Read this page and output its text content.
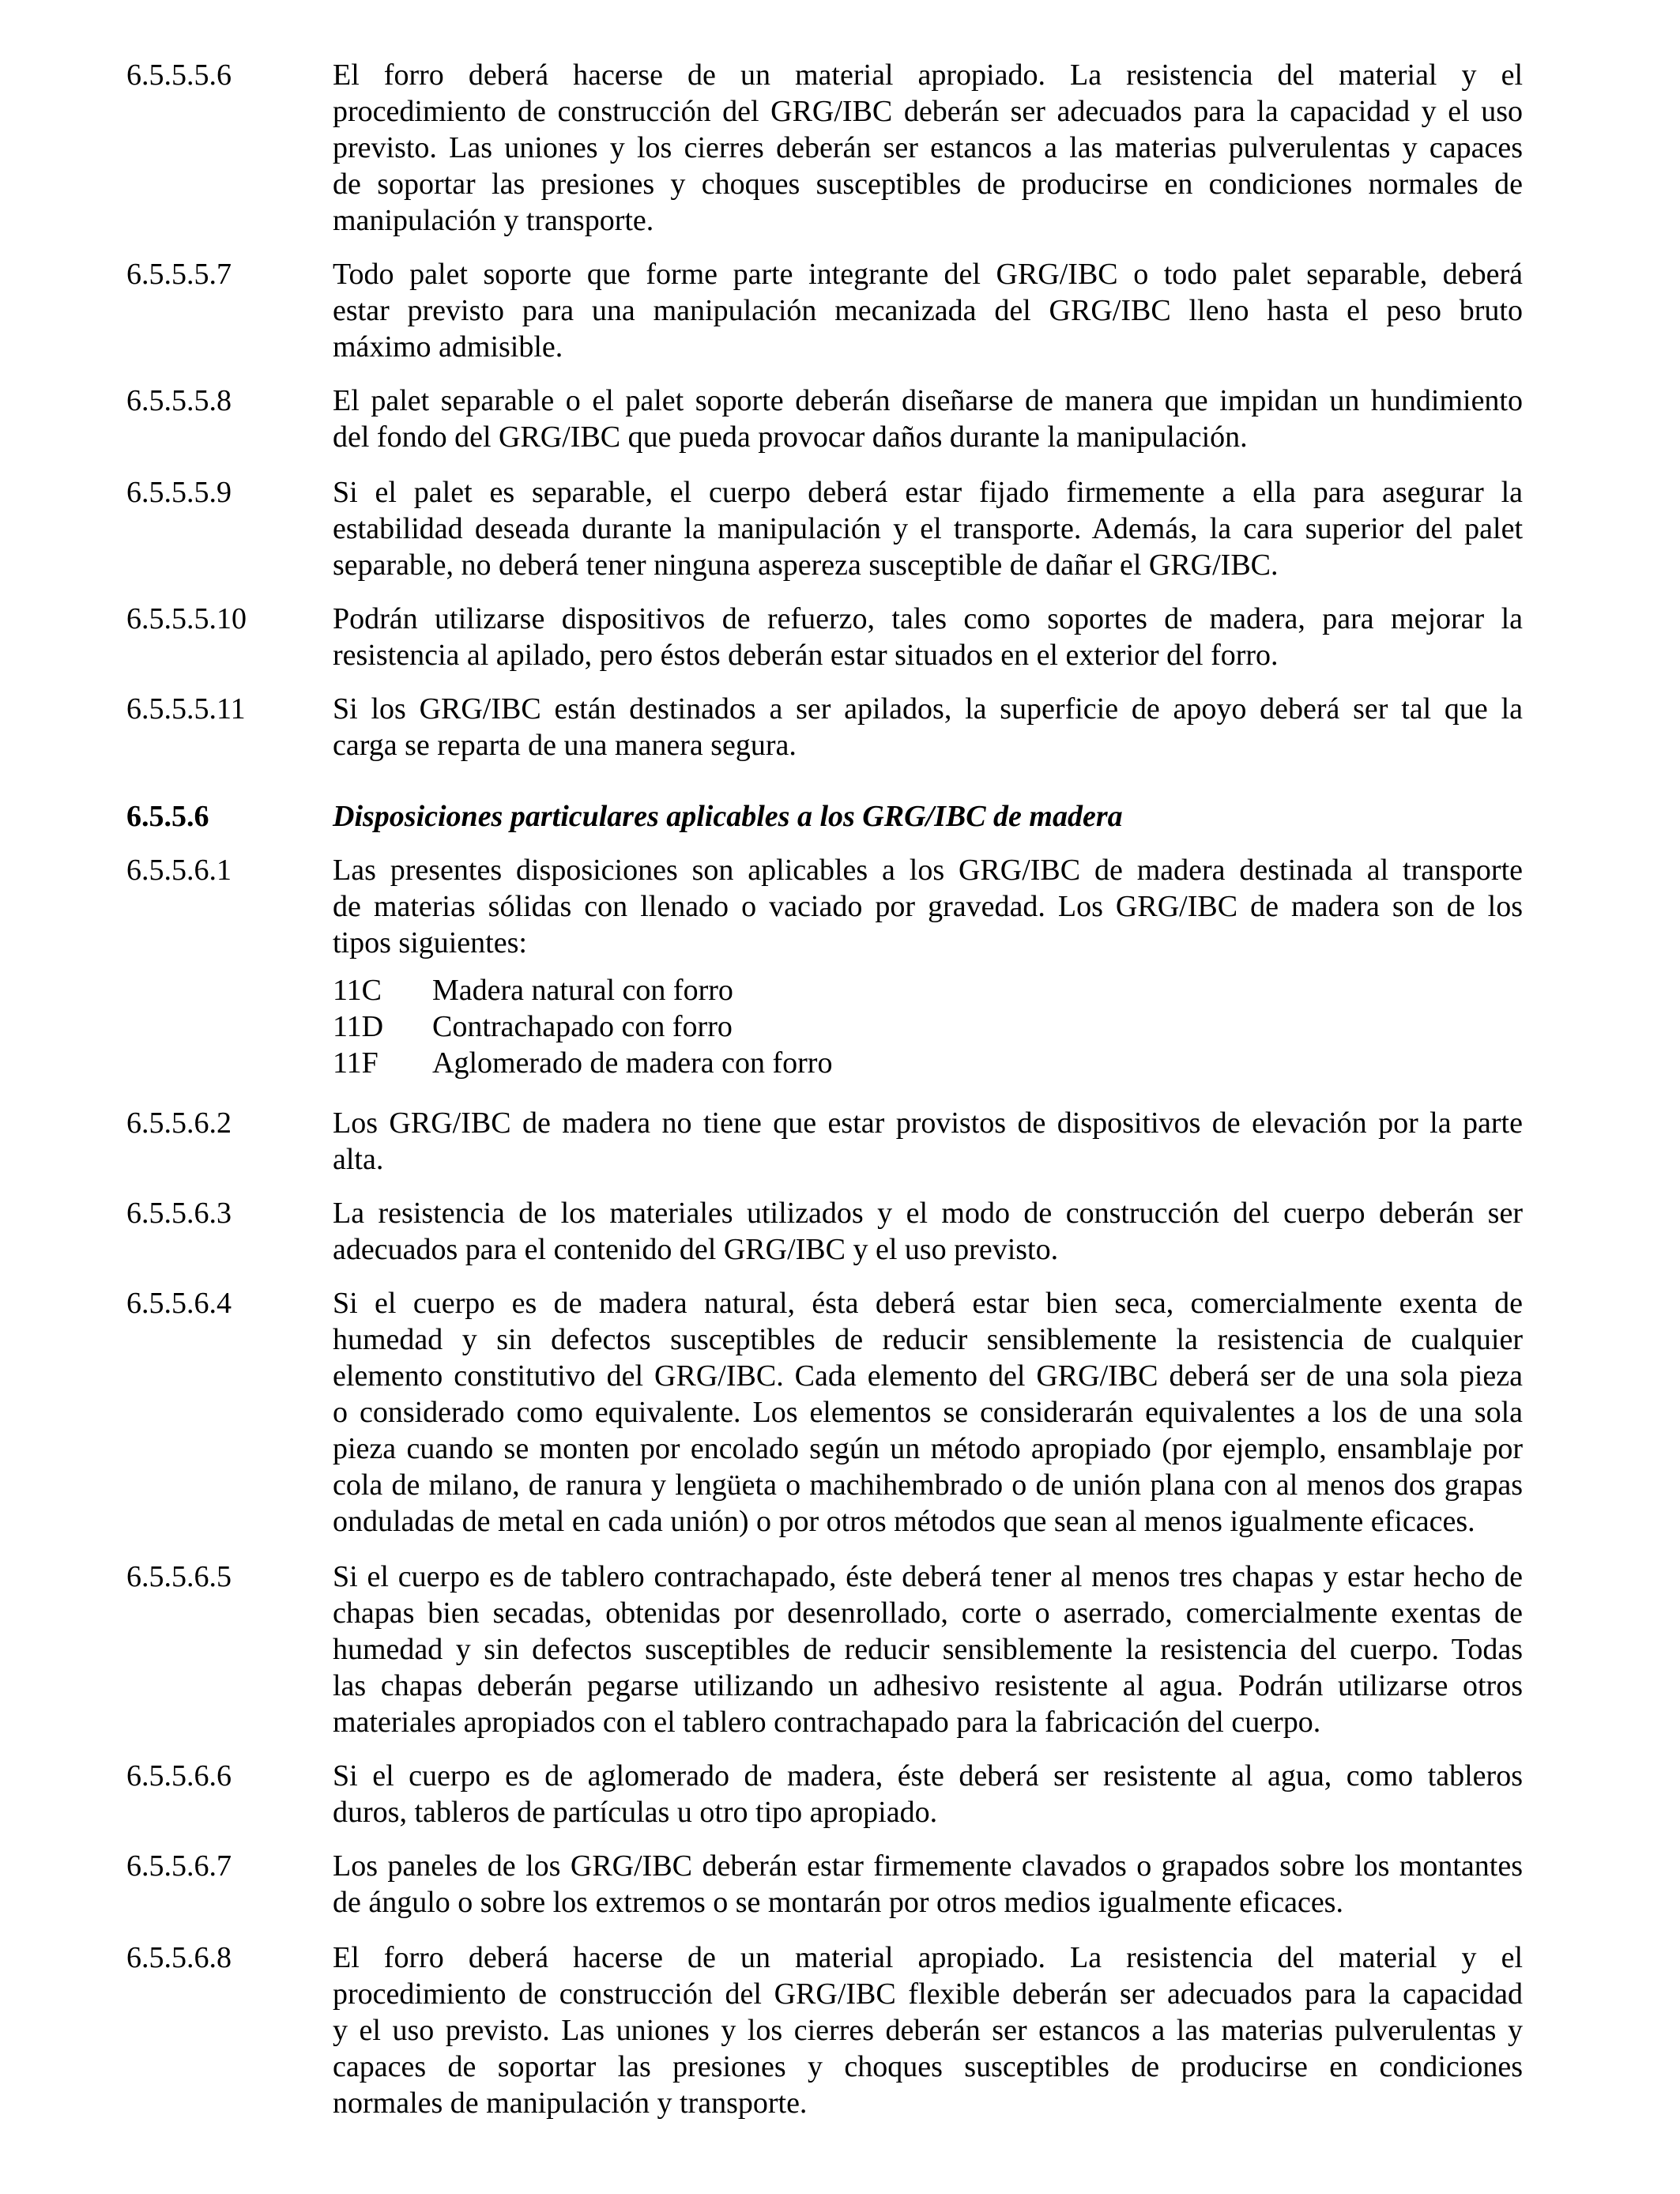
6.5.5.5.6	El forro deberá hacerse de un material apropiado. La resistencia del material y el
procedimiento de construcción del GRG/IBC deberán ser adecuados para la capacidad y el uso
previsto. Las uniones y los cierres deberán ser estancos a las materias pulverulentas y capaces
de soportar las presiones y choques susceptibles de producirse en condiciones normales de
manipulación y transporte.
6.5.5.5.7	Todo palet soporte que forme parte integrante del GRG/IBC o todo palet separable, deberá
estar previsto para una manipulación mecanizada del GRG/IBC lleno hasta el peso bruto
máximo admisible.
6.5.5.5.8	El palet separable o el palet soporte deberán diseñarse de manera que impidan un hundimiento
del fondo del GRG/IBC que pueda provocar daños durante la manipulación.
6.5.5.5.9	Si el palet es separable, el cuerpo deberá estar fijado firmemente a ella para asegurar la
estabilidad deseada durante la manipulación y el transporte. Además, la cara superior del palet
separable, no deberá tener ninguna aspereza susceptible de dañar el GRG/IBC.
6.5.5.5.10	Podrán utilizarse dispositivos de refuerzo, tales como soportes de madera, para mejorar la
resistencia al apilado, pero éstos deberán estar situados en el exterior del forro.
6.5.5.5.11	Si los GRG/IBC están destinados a ser apilados, la superficie de apoyo deberá ser tal que la
carga se reparta de una manera segura.
6.5.5.6	Disposiciones particulares aplicables a los GRG/IBC de madera
6.5.5.6.1	Las presentes disposiciones son aplicables a los GRG/IBC de madera destinada al transporte
de materias sólidas con llenado o vaciado por gravedad. Los GRG/IBC de madera son de los
tipos siguientes:
11C Madera natural con forro
11D Contrachapado con forro
11F Aglomerado de madera con forro
6.5.5.6.2	Los GRG/IBC de madera no tiene que estar provistos de dispositivos de elevación por la parte
alta.
6.5.5.6.3	La resistencia de los materiales utilizados y el modo de construcción del cuerpo deberán ser
adecuados para el contenido del GRG/IBC y el uso previsto.
6.5.5.6.4	Si el cuerpo es de madera natural, ésta deberá estar bien seca, comercialmente exenta de
humedad y sin defectos susceptibles de reducir sensiblemente la resistencia de cualquier
elemento constitutivo del GRG/IBC. Cada elemento del GRG/IBC deberá ser de una sola pieza
o considerado como equivalente. Los elementos se considerarán equivalentes a los de una sola
pieza cuando se monten por encolado según un método apropiado (por ejemplo, ensamblaje por
cola de milano, de ranura y lengüeta o machihembrado o de unión plana con al menos dos grapas
onduladas de metal en cada unión) o por otros métodos que sean al menos igualmente eficaces.
6.5.5.6.5	Si el cuerpo es de tablero contrachapado, éste deberá tener al menos tres chapas y estar hecho de
chapas bien secadas, obtenidas por desenrollado, corte o aserrado, comercialmente exentas de
humedad y sin defectos susceptibles de reducir sensiblemente la resistencia del cuerpo. Todas
las chapas deberán pegarse utilizando un adhesivo resistente al agua. Podrán utilizarse otros
materiales apropiados con el tablero contrachapado para la fabricación del cuerpo.
6.5.5.6.6	Si el cuerpo es de aglomerado de madera, éste deberá ser resistente al agua, como tableros
duros, tableros de partículas u otro tipo apropiado.
6.5.5.6.7	Los paneles de los GRG/IBC deberán estar firmemente clavados o grapados sobre los montantes
de ángulo o sobre los extremos o se montarán por otros medios igualmente eficaces.
6.5.5.6.8	El forro deberá hacerse de un material apropiado. La resistencia del material y el
procedimiento de construcción del GRG/IBC flexible deberán ser adecuados para la capacidad
y el uso previsto. Las uniones y los cierres deberán ser estancos a las materias pulverulentas y
capaces de soportar las presiones y choques susceptibles de producirse en condiciones
normales de manipulación y transporte.
